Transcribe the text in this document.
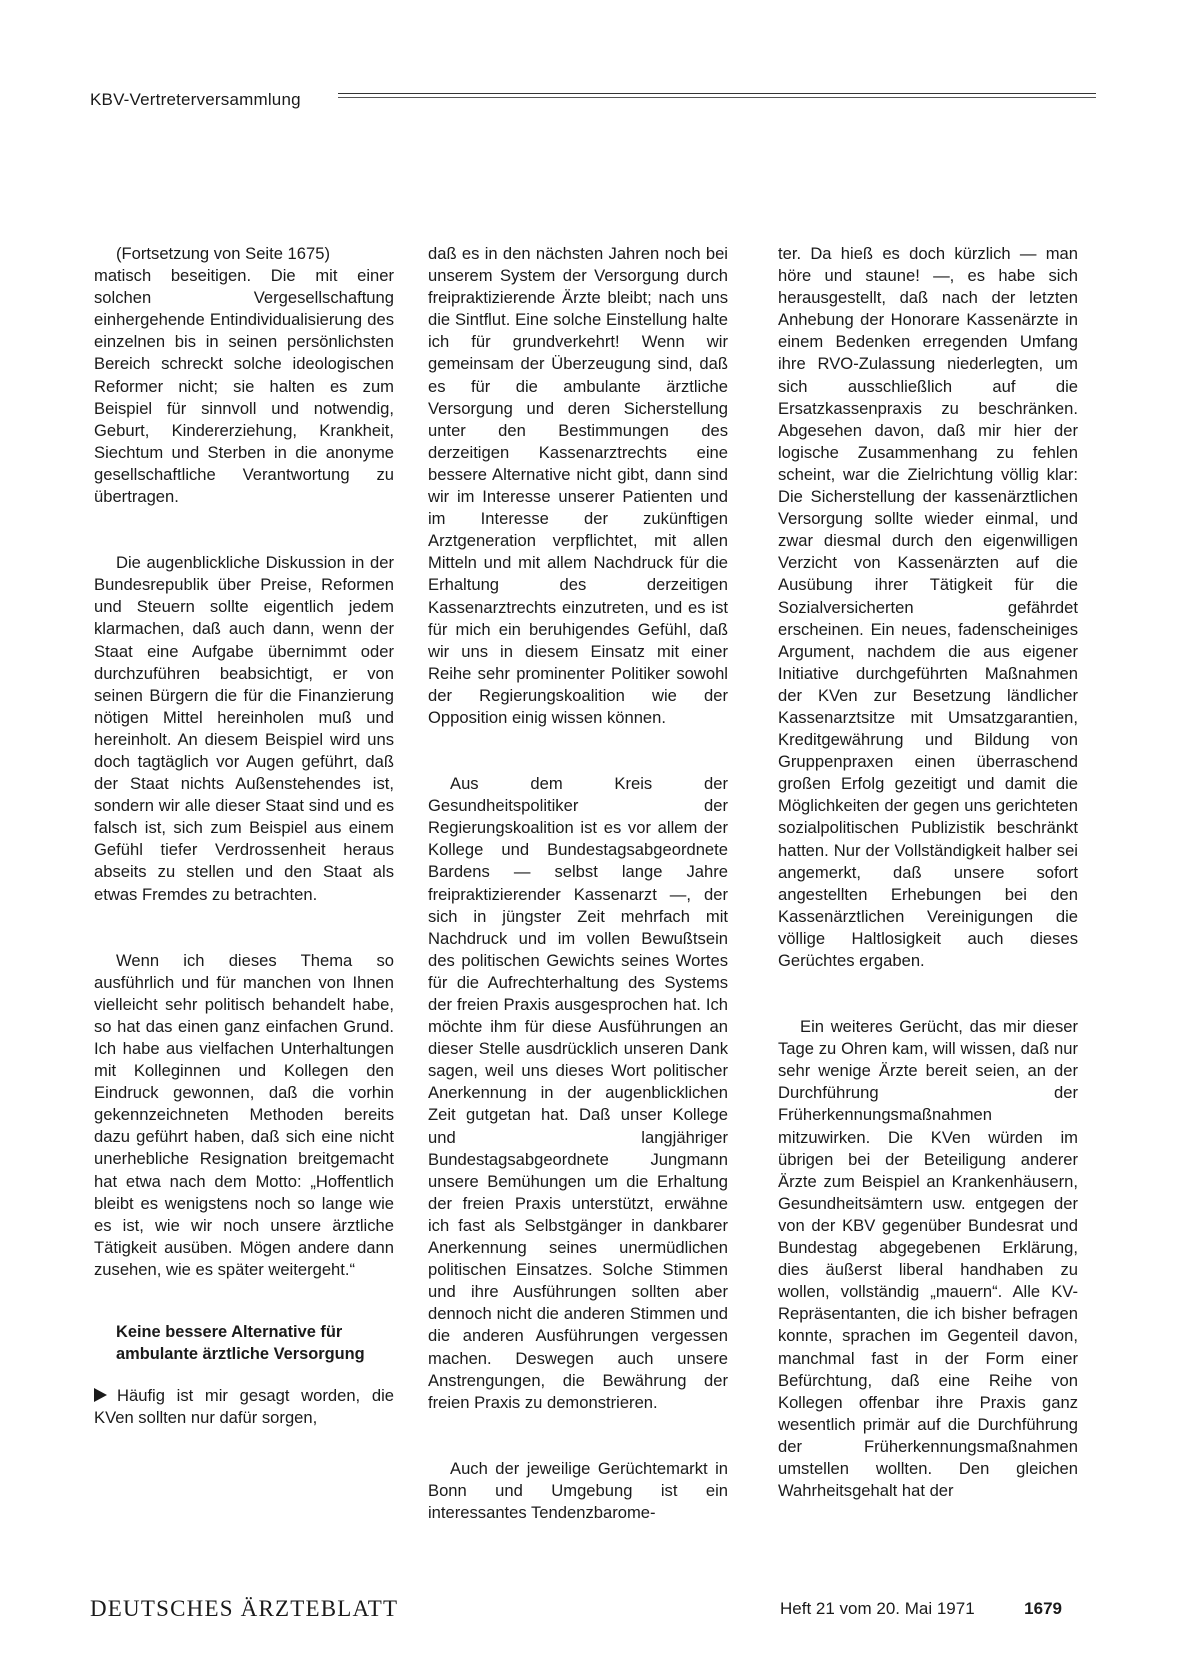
KBV-Vertreterversammlung

(Fortsetzung von Seite 1675)

matisch beseitigen. Die mit einer solchen Vergesellschaftung einhergehende Entindividualisierung des einzelnen bis in seinen persönlichsten Bereich schreckt solche ideologischen Reformer nicht; sie halten es zum Beispiel für sinnvoll und notwendig, Geburt, Kindererziehung, Krankheit, Siechtum und Sterben in die anonyme gesellschaftliche Verantwortung zu übertragen.

Die augenblickliche Diskussion in der Bundesrepublik über Preise, Reformen und Steuern sollte eigentlich jedem klarmachen, daß auch dann, wenn der Staat eine Aufgabe übernimmt oder durchzuführen beabsichtigt, er von seinen Bürgern die für die Finanzierung nötigen Mittel hereinholen muß und hereinholt. An diesem Beispiel wird uns doch tagtäglich vor Augen geführt, daß der Staat nichts Außenstehendes ist, sondern wir alle dieser Staat sind und es falsch ist, sich zum Beispiel aus einem Gefühl tiefer Verdrossenheit heraus abseits zu stellen und den Staat als etwas Fremdes zu betrachten.

Wenn ich dieses Thema so ausführlich und für manchen von Ihnen vielleicht sehr politisch behandelt habe, so hat das einen ganz einfachen Grund. Ich habe aus vielfachen Unterhaltungen mit Kolleginnen und Kollegen den Eindruck gewonnen, daß die vorhin gekennzeichneten Methoden bereits dazu geführt haben, daß sich eine nicht unerhebliche Resignation breitgemacht hat etwa nach dem Motto: „Hoffentlich bleibt es wenigstens noch so lange wie es ist, wie wir noch unsere ärztliche Tätigkeit ausüben. Mögen andere dann zusehen, wie es später weitergeht.“

Keine bessere Alternative für
ambulante ärztliche Versorgung

Häufig ist mir gesagt worden, die KVen sollten nur dafür sorgen,

daß es in den nächsten Jahren noch bei unserem System der Versorgung durch freipraktizierende Ärzte bleibt; nach uns die Sintflut. Eine solche Einstellung halte ich für grundverkehrt! Wenn wir gemeinsam der Überzeugung sind, daß es für die ambulante ärztliche Versorgung und deren Sicherstellung unter den Bestimmungen des derzeitigen Kassenarztrechts eine bessere Alternative nicht gibt, dann sind wir im Interesse unserer Patienten und im Interesse der zukünftigen Arztgeneration verpflichtet, mit allen Mitteln und mit allem Nachdruck für die Erhaltung des derzeitigen Kassenarztrechts einzutreten, und es ist für mich ein beruhigendes Gefühl, daß wir uns in diesem Einsatz mit einer Reihe sehr prominenter Politiker sowohl der Regierungskoalition wie der Opposition einig wissen können.

Aus dem Kreis der Gesundheitspolitiker der Regierungskoalition ist es vor allem der Kollege und Bundestagsabgeordnete Bardens — selbst lange Jahre freipraktizierender Kassenarzt —, der sich in jüngster Zeit mehrfach mit Nachdruck und im vollen Bewußtsein des politischen Gewichts seines Wortes für die Aufrechterhaltung des Systems der freien Praxis ausgesprochen hat. Ich möchte ihm für diese Ausführungen an dieser Stelle ausdrücklich unseren Dank sagen, weil uns dieses Wort politischer Anerkennung in der augenblicklichen Zeit gutgetan hat. Daß unser Kollege und langjähriger Bundestagsabgeordnete Jungmann unsere Bemühungen um die Erhaltung der freien Praxis unterstützt, erwähne ich fast als Selbstgänger in dankbarer Anerkennung seines unermüdlichen politischen Einsatzes. Solche Stimmen und ihre Ausführungen sollten aber dennoch nicht die anderen Stimmen und die anderen Ausführungen vergessen machen. Deswegen auch unsere Anstrengungen, die Bewährung der freien Praxis zu demonstrieren.

Auch der jeweilige Gerüchtemarkt in Bonn und Umgebung ist ein interessantes Tendenzbarome-

ter. Da hieß es doch kürzlich — man höre und staune! —, es habe sich herausgestellt, daß nach der letzten Anhebung der Honorare Kassenärzte in einem Bedenken erregenden Umfang ihre RVO-Zulassung niederlegten, um sich ausschließlich auf die Ersatzkassenpraxis zu beschränken. Abgesehen davon, daß mir hier der logische Zusammenhang zu fehlen scheint, war die Zielrichtung völlig klar: Die Sicherstellung der kassenärztlichen Versorgung sollte wieder einmal, und zwar diesmal durch den eigenwilligen Verzicht von Kassenärzten auf die Ausübung ihrer Tätigkeit für die Sozialversicherten gefährdet erscheinen. Ein neues, fadenscheiniges Argument, nachdem die aus eigener Initiative durchgeführten Maßnahmen der KVen zur Besetzung ländlicher Kassenarztsitze mit Umsatzgarantien, Kreditgewährung und Bildung von Gruppenpraxen einen überraschend großen Erfolg gezeitigt und damit die Möglichkeiten der gegen uns gerichteten sozialpolitischen Publizistik beschränkt hatten. Nur der Vollständigkeit halber sei angemerkt, daß unsere sofort angestellten Erhebungen bei den Kassenärztlichen Vereinigungen die völlige Haltlosigkeit auch dieses Gerüchtes ergaben.

Ein weiteres Gerücht, das mir dieser Tage zu Ohren kam, will wissen, daß nur sehr wenige Ärzte bereit seien, an der Durchführung der Früherkennungsmaßnahmen mitzuwirken. Die KVen würden im übrigen bei der Beteiligung anderer Ärzte zum Beispiel an Krankenhäusern, Gesundheitsämtern usw. entgegen der von der KBV gegenüber Bundesrat und Bundestag abgegebenen Erklärung, dies äußerst liberal handhaben zu wollen, vollständig „mauern“. Alle KV-Repräsentanten, die ich bisher befragen konnte, sprachen im Gegenteil davon, manchmal fast in der Form einer Befürchtung, daß eine Reihe von Kollegen offenbar ihre Praxis ganz wesentlich primär auf die Durchführung der Früherkennungsmaßnahmen umstellen wollten. Den gleichen Wahrheitsgehalt hat der

DEUTSCHES ÄRZTEBLATT	Heft 21 vom 20. Mai 1971	1679
